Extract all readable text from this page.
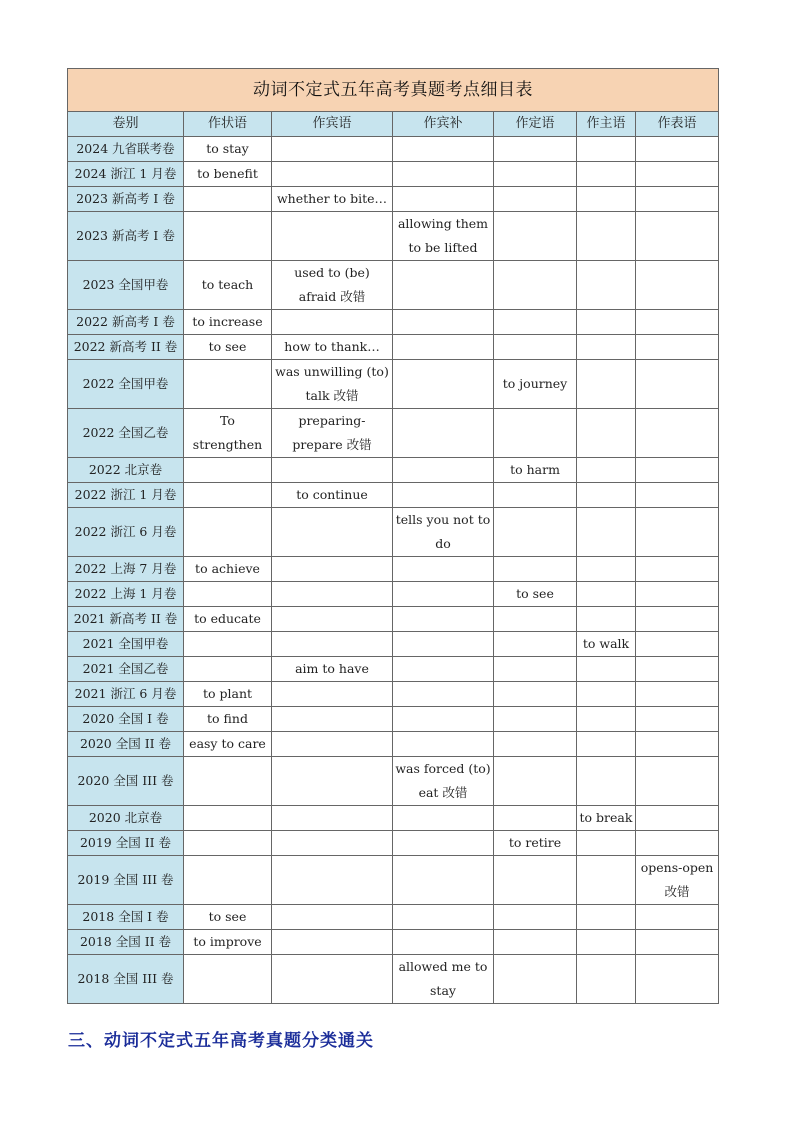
动词不定式五年高考真题考点细目表						
卷别	作状语	作宾语	作宾补	作定语	作主语	作表语
2024 九省联考卷	to stay					
2024 浙江 1 月卷	to benefit					
2023 新高考 I 卷		whether to bite…				
2023 新高考 I 卷			allowing them to be lifted			
2023 全国甲卷	to teach	used to (be) afraid 改错				
2022 新高考 I 卷	to increase					
2022 新高考 II 卷	to see	how to thank…				
2022 全国甲卷		was unwilling (to) talk 改错		to journey		
2022 全国乙卷	To strengthen	preparing-prepare 改错				
2022 北京卷				to harm		
2022 浙江 1 月卷		to continue				
2022 浙江 6 月卷			tells you not to do			
2022 上海 7 月卷	to achieve					
2022 上海 1 月卷				to see		
2021 新高考 II 卷	to educate					
2021 全国甲卷					to walk	
2021 全国乙卷		aim to have				
2021 浙江 6 月卷	to plant					
2020 全国 I 卷	to find					
2020 全国 II 卷	easy to care					
2020 全国 III 卷			was forced (to) eat 改错			
2020 北京卷					to break	
2019 全国 II 卷				to retire		
2019 全国 III 卷						opens-open 改错
2018 全国 I 卷	to see					
2018 全国 II 卷	to improve					
2018 全国 III 卷			allowed me to stay			
三、动词不定式五年高考真题分类通关
